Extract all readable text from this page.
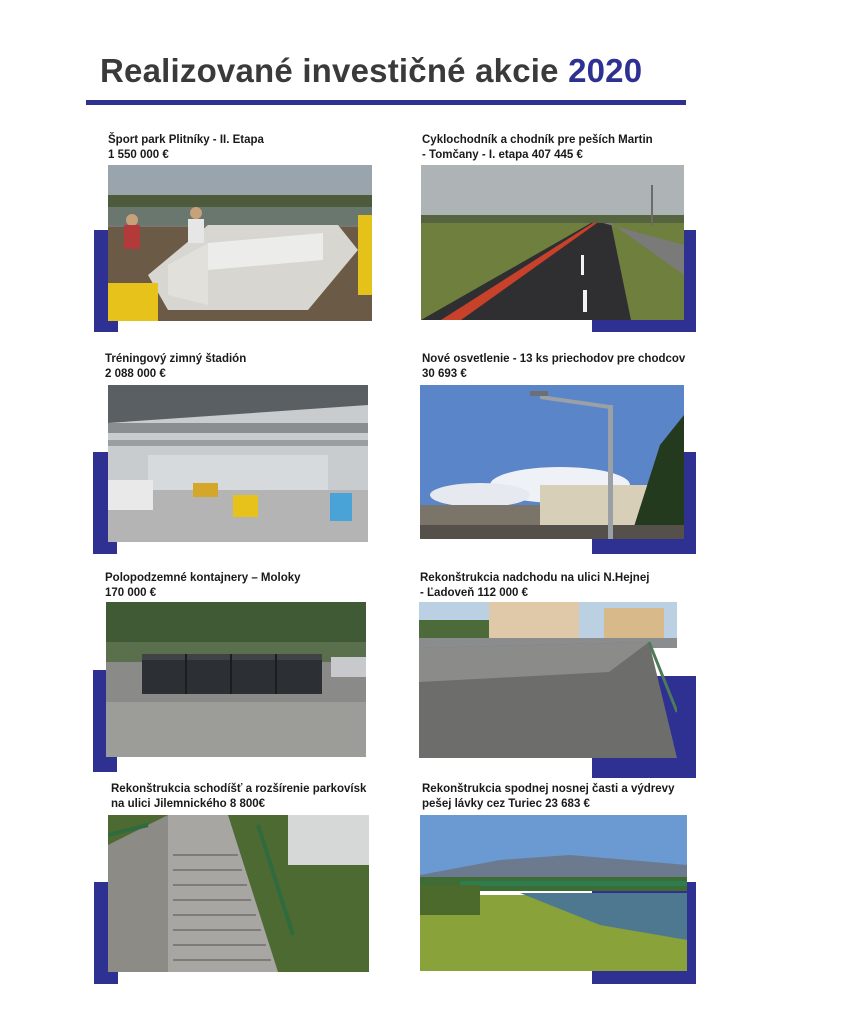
Realizované investičné akcie 2020
Šport park Plitníky - II. Etapa
1 550 000 €
Cyklochodník a chodník pre peších Martin
- Tomčany - I. etapa 407 445 €
Tréningový zimný štadión
2 088 000 €
Nové osvetlenie - 13 ks priechodov pre chodcov
30 693 €
Polopodzemné kontajnery – Moloky
170 000 €
Rekonštrukcia nadchodu na ulici N.Hejnej
- Ľadoveň 112 000 €
Rekonštrukcia schodíšť a rozšírenie parkovísk
na ulici Jilemnického 8 800€
Rekonštrukcia spodnej nosnej časti a výdrevy
pešej lávky cez Turiec 23 683 €
